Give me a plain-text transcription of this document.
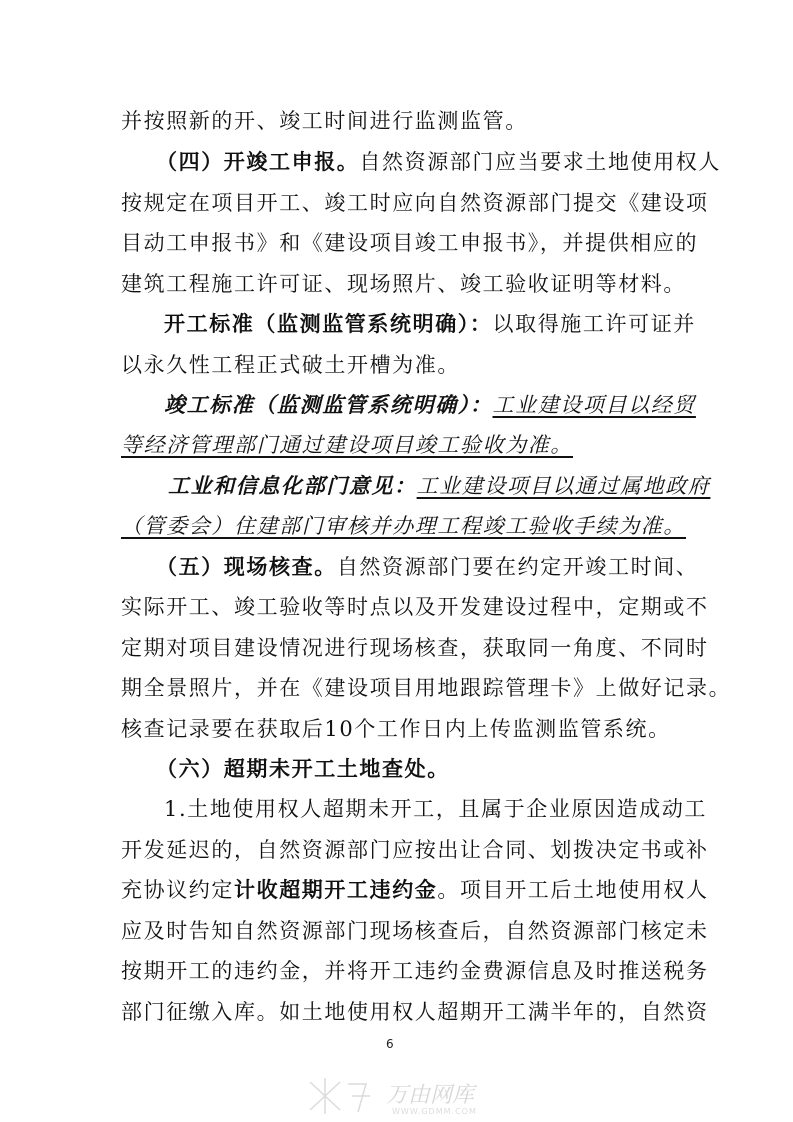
并按照新的开、竣工时间进行监测监管。
（四）开竣工申报。自然资源部门应当要求土地使用权人
按规定在项目开工、竣工时应向自然资源部门提交《建设项
目动工申报书》和《建设项目竣工申报书》，并提供相应的
建筑工程施工许可证、现场照片、竣工验收证明等材料。
开工标准（监测监管系统明确）：以取得施工许可证并
以永久性工程正式破土开槽为准。
竣工标准（监测监管系统明确）：工业建设项目以经贸
等经济管理部门通过建设项目竣工验收为准。
工业和信息化部门意见：工业建设项目以通过属地政府
（管委会）住建部门审核并办理工程竣工验收手续为准。
（五）现场核查。自然资源部门要在约定开竣工时间、
实际开工、竣工验收等时点以及开发建设过程中，定期或不
定期对项目建设情况进行现场核查，获取同一角度、不同时
期全景照片，并在《建设项目用地跟踪管理卡》上做好记录。
核查记录要在获取后10个工作日内上传监测监管系统。
（六）超期未开工土地查处。
1.土地使用权人超期未开工，且属于企业原因造成动工
开发延迟的，自然资源部门应按出让合同、划拨决定书或补
充协议约定计收超期开工违约金。项目开工后土地使用权人
应及时告知自然资源部门现场核查后，自然资源部门核定未
按期开工的违约金，并将开工违约金费源信息及时推送税务
部门征缴入库。如土地使用权人超期开工满半年的，自然资
6
万由网库
WWW.GDMM.COM
